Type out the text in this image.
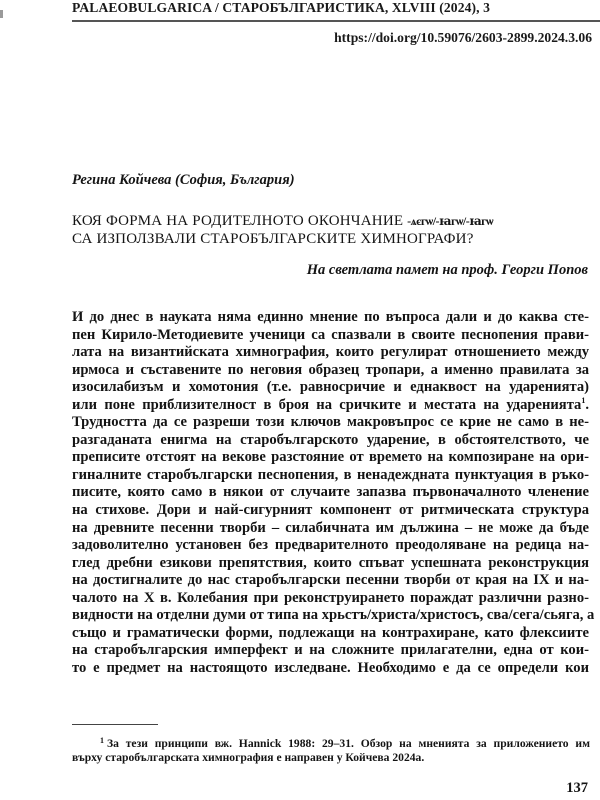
PALAEOBULGARICA / СТАРОБЪЛГАРИСТИКА, XLVIII (2024), 3
https://doi.org/10.59076/2603-2899.2024.3.06
Регина Койчева (София, България)
КОЯ ФОРМА НА РОДИТЕЛНОТО ОКОНЧАНИЕ -ѧєгѡ/-ꙗгѡ/-ꙗгѡ
СА ИЗПОЛЗВАЛИ СТАРОБЪЛГАРСКИТЕ ХИМНОГРАФИ?
На светлата памет на проф. Георги Попов
И до днес в науката няма единно мнение по въпроса дали и до каква сте-
пен Кирило-Методиевите ученици са спазвали в своите песнопения прави-
лата на византийската химнография, които регулират отношението между
ирмоса и съставените по неговия образец тропари, а именно правилата за
изосилабизъм и хомотония (т.е. равносричие и еднаквост на ударенията)
или поне приблизителност в броя на сричките и местата на ударенията$^1$.
Трудността да се разреши този ключов макровъпрос се крие не само в не-
разгаданата енигма на старобългарското ударение, в обстоятелството, че
преписите отстоят на векове разстояние от времето на композиране на ори-
гиналните старобългарски песнопения, в ненадеждната пунктуация в ръко-
писите, която само в някои от случаите запазва първоначалното членение
на стихове. Дори и най-сигурният компонент от ритмическата структура
на древните песенни творби – силабичната им дължина – не може да бъде
задоволително установен без предварителното преодоляване на редица на-
глед дребни езикови препятствия, които спъват успешната реконструкция
на достигналите до нас старобългарски песенни творби от края на IX и на-
чалото на X в. Колебания при реконструирането пораждат различни разно-
видности на отделни думи от типа на хрьстъ/христа/христосъ, сва/сега/сьяга, а
също и граматически форми, подлежащи на контрахиране, като флексиите
на старобългарския имперфект и на сложните прилагателни, една от кои-
то е предмет на настоящото изследване. Необходимо е да се определи кои
$^1$ За тези принципи вж. Hannick 1988: 29–31. Обзор на мненията за приложението им
върху старобългарската химнография е направен у Койчева 2024а.
137
